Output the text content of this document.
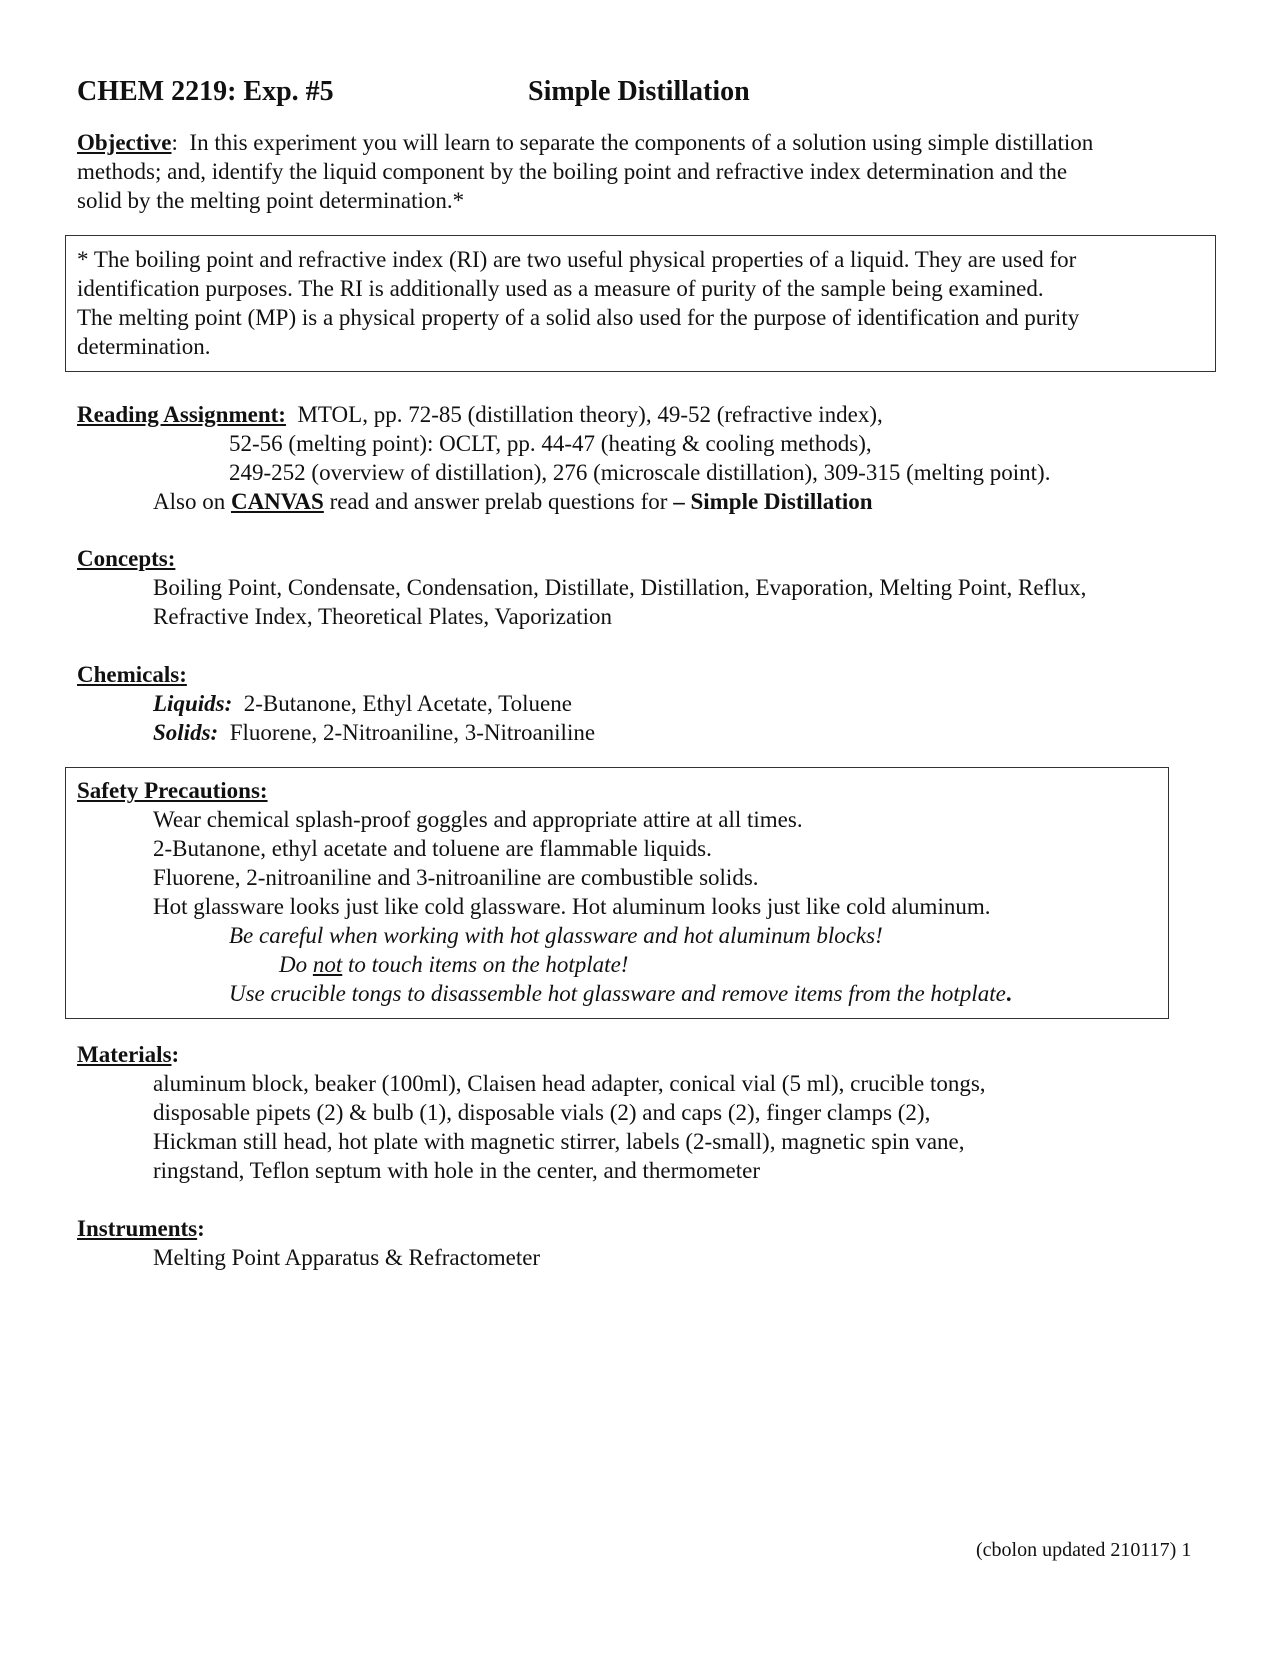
CHEM 2219: Exp. #5	Simple Distillation
Objective: In this experiment you will learn to separate the components of a solution using simple distillation
methods; and, identify the liquid component by the boiling point and refractive index determination and the
solid by the melting point determination.*
* The boiling point and refractive index (RI) are two useful physical properties of a liquid. They are used for
identification purposes. The RI is additionally used as a measure of purity of the sample being examined.
The melting point (MP) is a physical property of a solid also used for the purpose of identification and purity
determination.
Reading Assignment: MTOL, pp. 72-85 (distillation theory), 49-52 (refractive index),
52-56 (melting point): OCLT, pp. 44-47 (heating & cooling methods),
249-252 (overview of distillation), 276 (microscale distillation), 309-315 (melting point).
Also on CANVAS read and answer prelab questions for – Simple Distillation
Concepts:
Boiling Point, Condensate, Condensation, Distillate, Distillation, Evaporation, Melting Point, Reflux,
Refractive Index, Theoretical Plates, Vaporization
Chemicals:
Liquids: 2-Butanone, Ethyl Acetate, Toluene
Solids: Fluorene, 2-Nitroaniline, 3-Nitroaniline
Safety Precautions:
Wear chemical splash-proof goggles and appropriate attire at all times.
2-Butanone, ethyl acetate and toluene are flammable liquids.
Fluorene, 2-nitroaniline and 3-nitroaniline are combustible solids.
Hot glassware looks just like cold glassware. Hot aluminum looks just like cold aluminum.
Be careful when working with hot glassware and hot aluminum blocks!
Do not to touch items on the hotplate!
Use crucible tongs to disassemble hot glassware and remove items from the hotplate.
Materials:
aluminum block, beaker (100ml), Claisen head adapter, conical vial (5 ml), crucible tongs,
disposable pipets (2) & bulb (1), disposable vials (2) and caps (2), finger clamps (2),
Hickman still head, hot plate with magnetic stirrer, labels (2-small), magnetic spin vane,
ringstand, Teflon septum with hole in the center, and thermometer
Instruments:
Melting Point Apparatus & Refractometer
(cbolon updated 210117) 1
